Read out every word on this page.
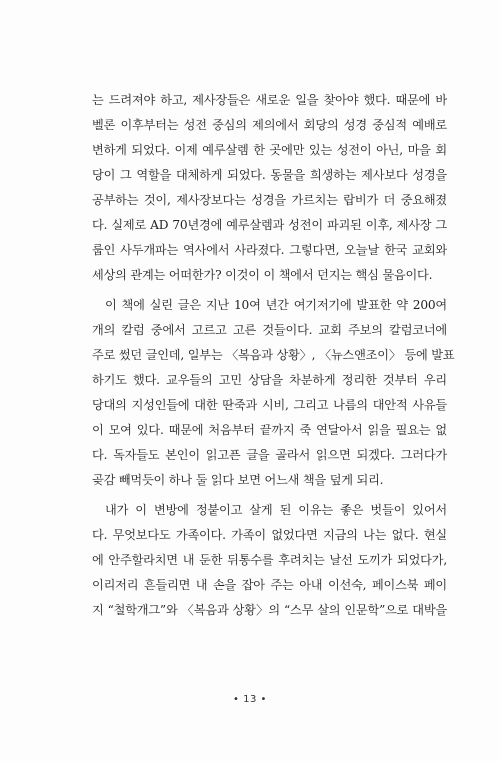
는 드려져야 하고, 제사장들은 새로운 일을 찾아야 했다. 때문에 바
벨론 이후부터는 성전 중심의 제의에서 회당의 성경 중심적 예배로
변하게 되었다. 이제 예루살렘 한 곳에만 있는 성전이 아닌, 마을 회
당이 그 역할을 대체하게 되었다. 동물을 희생하는 제사보다 성경을
공부하는 것이, 제사장보다는 성경을 가르치는 랍비가 더 중요해졌
다. 실제로 AD 70년경에 예루살렘과 성전이 파괴된 이후, 제사장 그
룹인 사두개파는 역사에서 사라졌다. 그렇다면, 오늘날 한국 교회와
세상의 관계는 어떠한가? 이것이 이 책에서 던지는 핵심 물음이다.
이 책에 실린 글은 지난 10여 년간 여기저기에 발표한 약 200여
개의 칼럼 중에서 고르고 고른 것들이다. 교회 주보의 칼럼코너에
주로 썼던 글인데, 일부는 〈복음과 상황〉, 〈뉴스앤조이〉 등에 발표
하기도 했다. 교우들의 고민 상담을 차분하게 정리한 것부터 우리
당대의 지성인들에 대한 딴죽과 시비, 그리고 나름의 대안적 사유들
이 모여 있다. 때문에 처음부터 끝까지 죽 연달아서 읽을 필요는 없
다. 독자들도 본인이 읽고픈 글을 골라서 읽으면 되겠다. 그러다가
곶감 빼먹듯이 하나 둘 읽다 보면 어느새 책을 덮게 되리.
내가 이 변방에 정붙이고 살게 된 이유는 좋은 벗들이 있어서
다. 무엇보다도 가족이다. 가족이 없었다면 지금의 나는 없다. 현실
에 안주할라치면 내 둔한 뒤통수를 후려치는 날선 도끼가 되었다가,
이리저리 흔들리면 내 손을 잡아 주는 아내 이선숙, 페이스북 페이
지 “철학개그”와 〈복음과 상황〉의 “스무 살의 인문학”으로 대박을
• 13 •
